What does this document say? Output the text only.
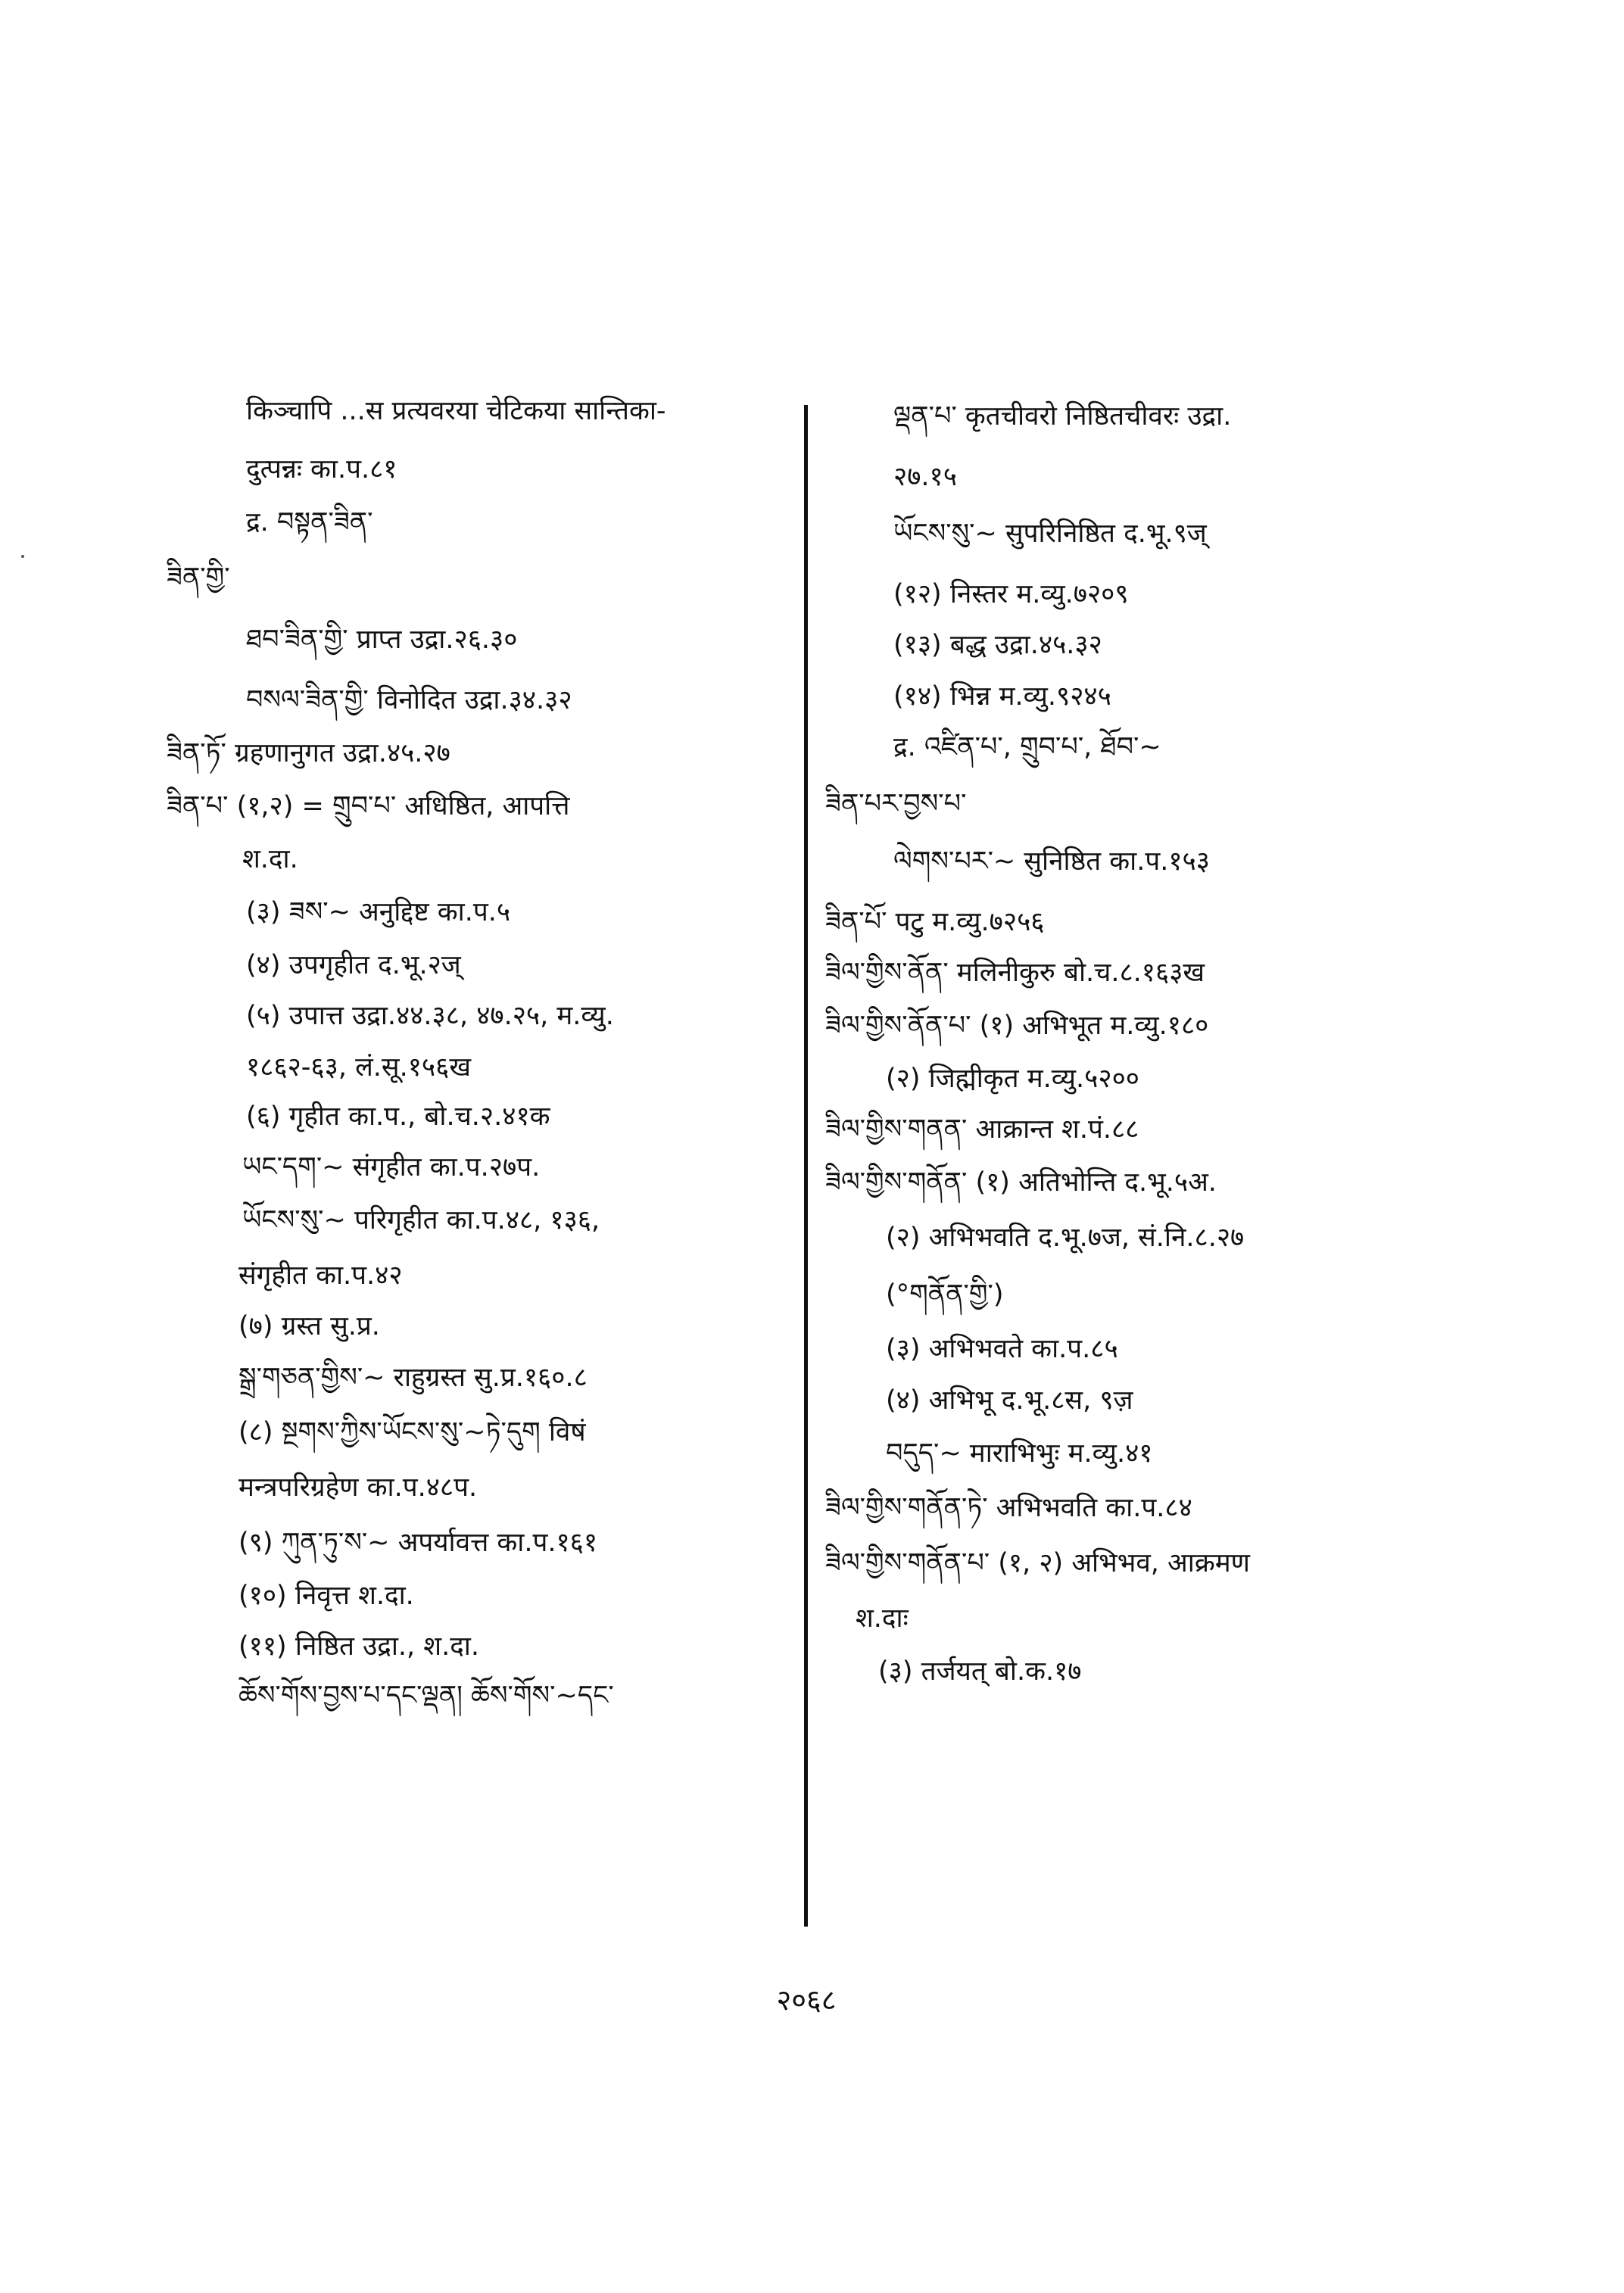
किञ्चापि ...स प्रत्यवरया चेटिकया सान्तिका-
दुत्पन्नः का.प.८१
द्र. བསྟན་ཟིན་
ཟིན་གྱི་
ཐབ་ཟིན་གྱི་ प्राप्त उद्रा.२६.३०
བསལ་ཟིན་གྱི་ विनोदित उद्रा.३४.३२
ཟིན་ཏོ་ ग्रहणानुगत उद्रा.४५.२७
ཟིན་པ་ (१,२) = གྲུབ་པ་ अधिष्ठित, आपत्ति
श.दा.
(३) ཟས་~ अनुद्दिष्ट का.प.५
(४) उपगृहीत द.भू.२ज्
(५) उपात्त उद्रा.४४.३८, ४७.२५, म.व्यु.
१८६२-६३, लं.सू.१५६ख
(६) गृहीत का.प., बो.च.२.४१क
ཡང་དག་~ संगृहीत का.प.२७प.
ཡོངས་སུ་~ परिगृहीत का.प.४८, १३६,
संगृहीत का.प.४२
(७) ग्रस्त सु.प्र.
སྒྲ་གཅན་གྱིས་~ राहुग्रस्त सु.प्र.१६०.८
(८) སྔགས་ཀྱིས་ཡོངས་སུ་~ཏེ་དུག विषं
मन्त्रपरिग्रहेण का.प.४८प.
(९) ཀུན་ཏུ་ས་~ अपर्यावत्त का.प.१६१
(१०) निवृत्त श.दा.
(११) निष्ठित उद्रा., श.दा.
ཆོས་གོས་བྱས་པ་དང་ལྡན། ཆོས་གོས་~དང་
ལྡན་པ་ कृतचीवरो निष्ठितचीवरः उद्रा.
२७.१५
ཡོངས་སུ་~ सुपरिनिष्ठित द.भू.९ज्
(१२) निस्तर म.व्यु.७२०९
(१३) बद्ध उद्रा.४५.३२
(१४) भिन्न म.व्यु.९२४५
द्र. འཛིན་པ་, གྲུབ་པ་, ཐོབ་~
ཟིན་པར་བྱས་པ་
ལེགས་པར་~ सुनिष्ठित का.प.१५३
ཟིན་པོ་ पटु म.व्यु.७२५६
ཟིལ་གྱིས་ནོན་ मलिनीकुरु बो.च.८.१६३ख
ཟིལ་གྱིས་ནོན་པ་ (१) अभिभूत म.व्यु.१८०
(२) जिह्मीकृत म.व्यु.५२००
ཟིལ་གྱིས་གནན་ आक्रान्त श.पं.८८
ཟིལ་གྱིས་གནོན་ (१) अतिभोन्ति द.भू.५अ.
(२) अभिभवति द.भू.७ज, सं.नि.८.२७
(°གནོན་གྱི་)
(३) अभिभवते का.प.८५
(४) अभिभू द.भू.८स, ९ज़
བདུད་~ माराभिभुः म.व्यु.४१
ཟིལ་གྱིས་གནོན་ཏེ་ अभिभवति का.प.८४
ཟིལ་གྱིས་གནོན་པ་ (१, २) अभिभव, आक्रमण
श.दाः
(३) तर्जयत् बो.क.१७
२०६८
